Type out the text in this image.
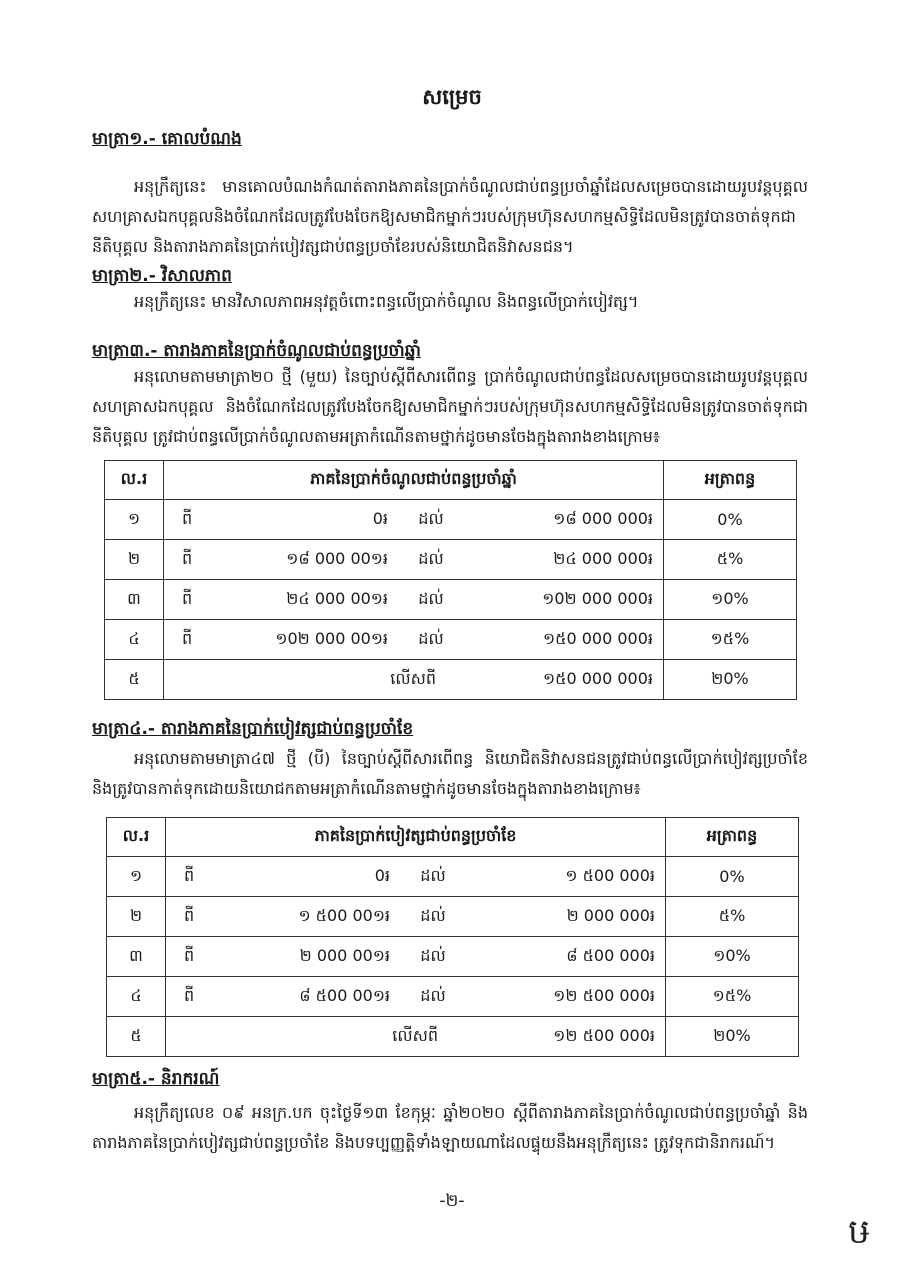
សម្រេច
មាត្រា១.- គោលបំណង
អនុក្រឹត្យនេះ មានគោលបំណងកំណត់តារាងភាគនៃប្រាក់ចំណូលជាប់ពន្ធប្រចាំឆ្នាំដែលសម្រេចបានដោយរូបវន្តបុគ្គល សហគ្រាសឯកបុគ្គលនិងចំណែកដែលត្រូវបែងចែកឱ្យសមាជិកម្នាក់ៗរបស់ក្រុមហ៊ុនសហកម្មសិទ្ធិដែលមិនត្រូវបានចាត់ទុកជានីតិបុគ្គល និងតារាងភាគនៃប្រាក់បៀវត្សជាប់ពន្ធប្រចាំខែរបស់និយោជិតនិវាសនជន។
មាត្រា២.- វិសាលភាព
អនុក្រឹត្យនេះ មានវិសាលភាពអនុវត្តចំពោះពន្ធលើប្រាក់ចំណូល និងពន្ធលើប្រាក់បៀវត្ស។
មាត្រា៣.- តារាងភាគនៃប្រាក់ចំណូលជាប់ពន្ធប្រចាំឆ្នាំ
អនុលោមតាមមាត្រា២០ ថ្មី (មួយ) នៃច្បាប់ស្តីពីសារពើពន្ធ ប្រាក់ចំណូលជាប់ពន្ធដែលសម្រេចបានដោយរូបវន្តបុគ្គល សហគ្រាសឯកបុគ្គល និងចំណែកដែលត្រូវបែងចែកឱ្យសមាជិកម្នាក់ៗរបស់ក្រុមហ៊ុនសហកម្មសិទ្ធិដែលមិនត្រូវបានចាត់ទុកជានីតិបុគ្គល ត្រូវជាប់ពន្ធលើប្រាក់ចំណូលតាមអត្រាកំណើនតាមថ្នាក់ដូចមានចែងក្នុងតារាងខាងក្រោម៖
ល.រ	ភាគនៃប្រាក់ចំណូលជាប់ពន្ធប្រចាំឆ្នាំ				អត្រាពន្ធ
១	ពី	0៛	ដល់	១៨ 000 000៛	0%
២	ពី	១៨ 000 00១៛	ដល់	២៤ 000 000៛	៥%
៣	ពី	២៤ 000 00១៛	ដល់	១0២ 000 000៛	១0%
៤	ពី	១0២ 000 00១៛	ដល់	១៥0 000 000៛	១៥%
៥	លើសពី			១៥0 000 000៛	២0%
មាត្រា៤.- តារាងភាគនៃប្រាក់បៀវត្សជាប់ពន្ធប្រចាំខែ
អនុលោមតាមមាត្រា៤៧ ថ្មី (បី) នៃច្បាប់ស្តីពីសារពើពន្ធ និយោជិតនិវាសនជនត្រូវជាប់ពន្ធលើប្រាក់បៀវត្សប្រចាំខែ និងត្រូវបានកាត់ទុកដោយនិយោជកតាមអត្រាកំណើនតាមថ្នាក់ដូចមានចែងក្នុងតារាងខាងក្រោម៖
ល.រ	ភាគនៃប្រាក់បៀវត្សជាប់ពន្ធប្រចាំខែ				អត្រាពន្ធ
១	ពី	0៛	ដល់	១ ៥00 000៛	0%
២	ពី	១ ៥00 00១៛	ដល់	២ 000 000៛	៥%
៣	ពី	២ 000 00១៛	ដល់	៨ ៥00 000៛	១0%
៤	ពី	៨ ៥00 00១៛	ដល់	១២ ៥00 000៛	១៥%
៥	លើសពី			១២ ៥00 000៛	២0%
មាត្រា៥.- និរាករណ៍
អនុក្រឹត្យលេខ ០៩ អនក្រ.បក ចុះថ្ងៃទី១៣ ខែកុម្ភៈ ឆ្នាំ២០២០ ស្តីពីតារាងភាគនៃប្រាក់ចំណូលជាប់ពន្ធប្រចាំឆ្នាំ និងតារាងភាគនៃប្រាក់បៀវត្សជាប់ពន្ធប្រចាំខែ និងបទប្បញ្ញត្តិទាំងឡាយណាដែលផ្ទុយនឹងអនុក្រឹត្យនេះ ត្រូវទុកជានិរាករណ៍។
-២-
ឞ
